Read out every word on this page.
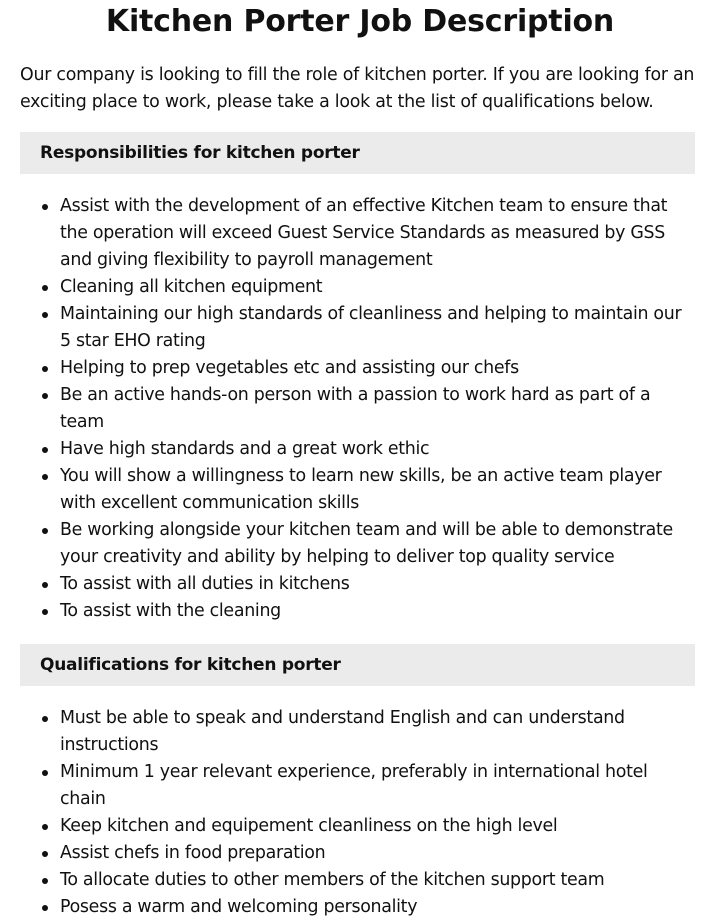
Kitchen Porter Job Description

Our company is looking to fill the role of kitchen porter. If you are looking for an exciting place to work, please take a look at the list of qualifications below.

Responsibilities for kitchen porter
Assist with the development of an effective Kitchen team to ensure that the operation will exceed Guest Service Standards as measured by GSS and giving flexibility to payroll management
Cleaning all kitchen equipment
Maintaining our high standards of cleanliness and helping to maintain our 5 star EHO rating
Helping to prep vegetables etc and assisting our chefs
Be an active hands-on person with a passion to work hard as part of a team
Have high standards and a great work ethic
You will show a willingness to learn new skills, be an active team player with excellent communication skills
Be working alongside your kitchen team and will be able to demonstrate your creativity and ability by helping to deliver top quality service
To assist with all duties in kitchens
To assist with the cleaning
Qualifications for kitchen porter
Must be able to speak and understand English and can understand instructions
Minimum 1 year relevant experience, preferably in international hotel chain
Keep kitchen and equipement cleanliness on the high level
Assist chefs in food preparation
To allocate duties to other members of the kitchen support team
Posess a warm and welcoming personality
